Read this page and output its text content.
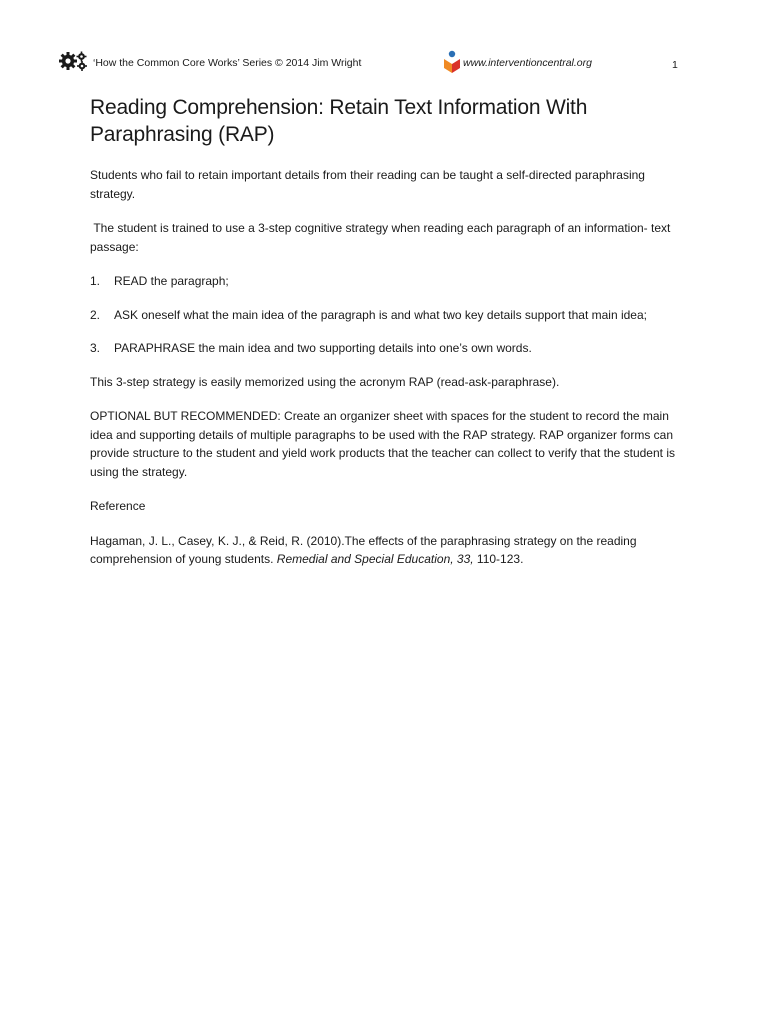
‘How the Common Core Works’ Series © 2014 Jim Wright	www.interventioncentral.org	1
Reading Comprehension: Retain Text Information With Paraphrasing (RAP)

Students who fail to retain important details from their reading can be taught a self-directed paraphrasing strategy.

The student is trained to use a 3-step cognitive strategy when reading each paragraph of an information- text passage:

1.	READ the paragraph;
2.	ASK oneself what the main idea of the paragraph is and what two key details support that main idea;
3.	PARAPHRASE the main idea and two supporting details into one’s own words.

This 3-step strategy is easily memorized using the acronym RAP (read-ask-paraphrase).

OPTIONAL BUT RECOMMENDED: Create an organizer sheet with spaces for the student to record the main idea and supporting details of multiple paragraphs to be used with the RAP strategy. RAP organizer forms can provide structure to the student and yield work products that the teacher can collect to verify that the student is using the strategy.

Reference

Hagaman, J. L., Casey, K. J., & Reid, R. (2010).The effects of the paraphrasing strategy on the reading comprehension of young students. Remedial and Special Education, 33, 110-123.
